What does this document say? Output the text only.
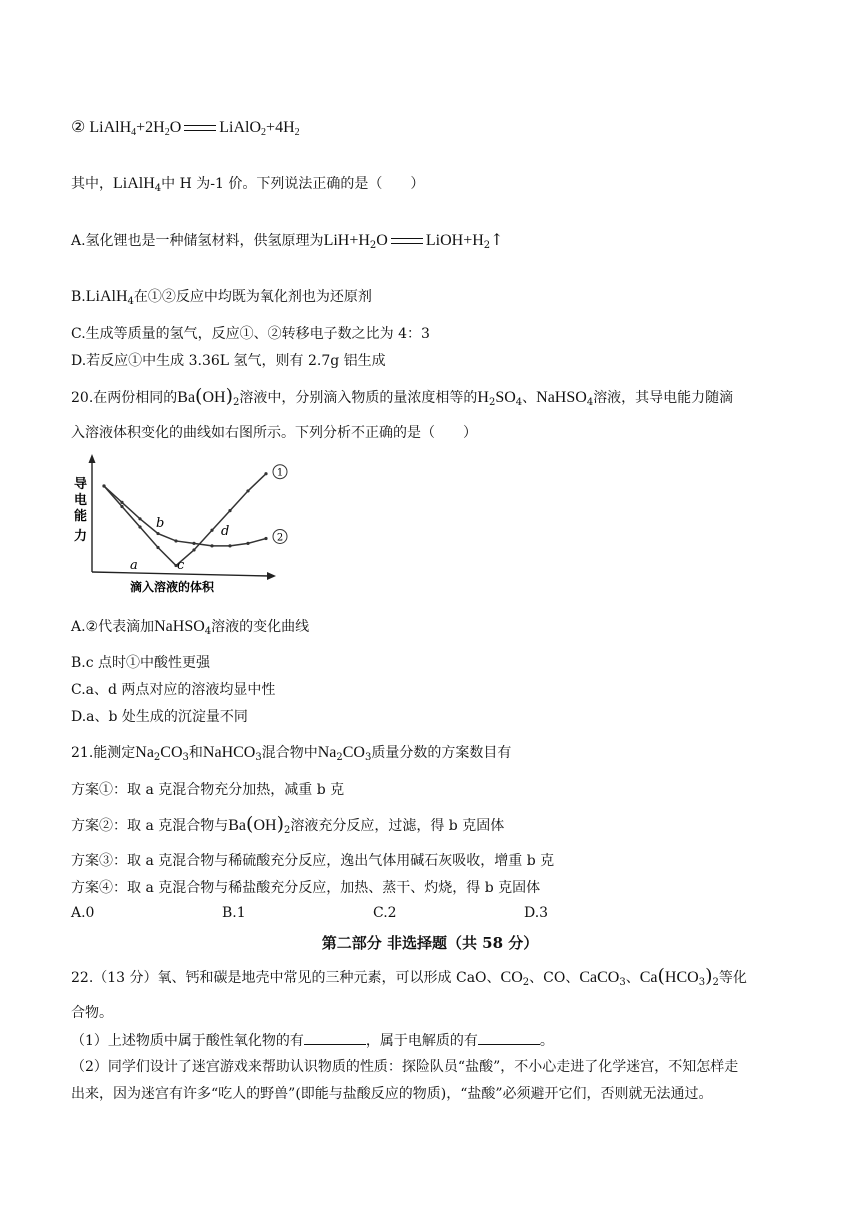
② $LiAlH_4+2H_2O$ $LiAlO_2+4H_2$
其中，LiAlH$_4$中 H 为-1 价。下列说法正确的是（　　）
A.氢化锂也是一种储氢材料，供氢原理为$LiH+H_2O$ $LiOH+H_2↑$
B.LiAlH$_4$在①②反应中均既为氧化剂也为还原剂
C.生成等质量的氢气，反应①、②转移电子数之比为 4：3
D.若反应①中生成 3.36L 氢气，则有 2.7g 铝生成
20.在两份相同的$Ba(OH)_2$溶液中，分别滴入物质的量浓度相等的$H_2SO_4$、NaHSO$_4$溶液，其导电能力随滴
入溶液体积变化的曲线如右图所示。下列分析不正确的是（　　）
导
电
能
力
滴入溶液的体积
1
2
a
b
c
d
A.②代表滴加NaHSO$_4$溶液的变化曲线
B.c 点时①中酸性更强
C.a、d 两点对应的溶液均显中性
D.a、b 处生成的沉淀量不同
21.能测定$Na_2CO_3$和NaHCO$_3$混合物中$Na_2CO_3$质量分数的方案数目有
方案①：取 a 克混合物充分加热，减重 b 克
方案②：取 a 克混合物与$Ba(OH)_2$溶液充分反应，过滤，得 b 克固体
方案③：取 a 克混合物与稀硫酸充分反应，逸出气体用碱石灰吸收，增重 b 克
方案④：取 a 克混合物与稀盐酸充分反应，加热、蒸干、灼烧，得 b 克固体
A.0	B.1	C.2	D.3
第二部分 非选择题（共 58 分）
22.（13 分）氧、钙和碳是地壳中常见的三种元素，可以形成 CaO、$CO_2$、CO、CaCO$_3$、$Ca(HCO_3)_2$等化
合物。
（1）上述物质中属于酸性氧化物的有	，属于电解质的有	。
（2）同学们设计了迷宫游戏来帮助认识物质的性质：探险队员“盐酸”，不小心走进了化学迷宫，不知怎样走
出来，因为迷宫有许多“吃人的野兽”(即能与盐酸反应的物质)，“盐酸”必须避开它们，否则就无法通过。
